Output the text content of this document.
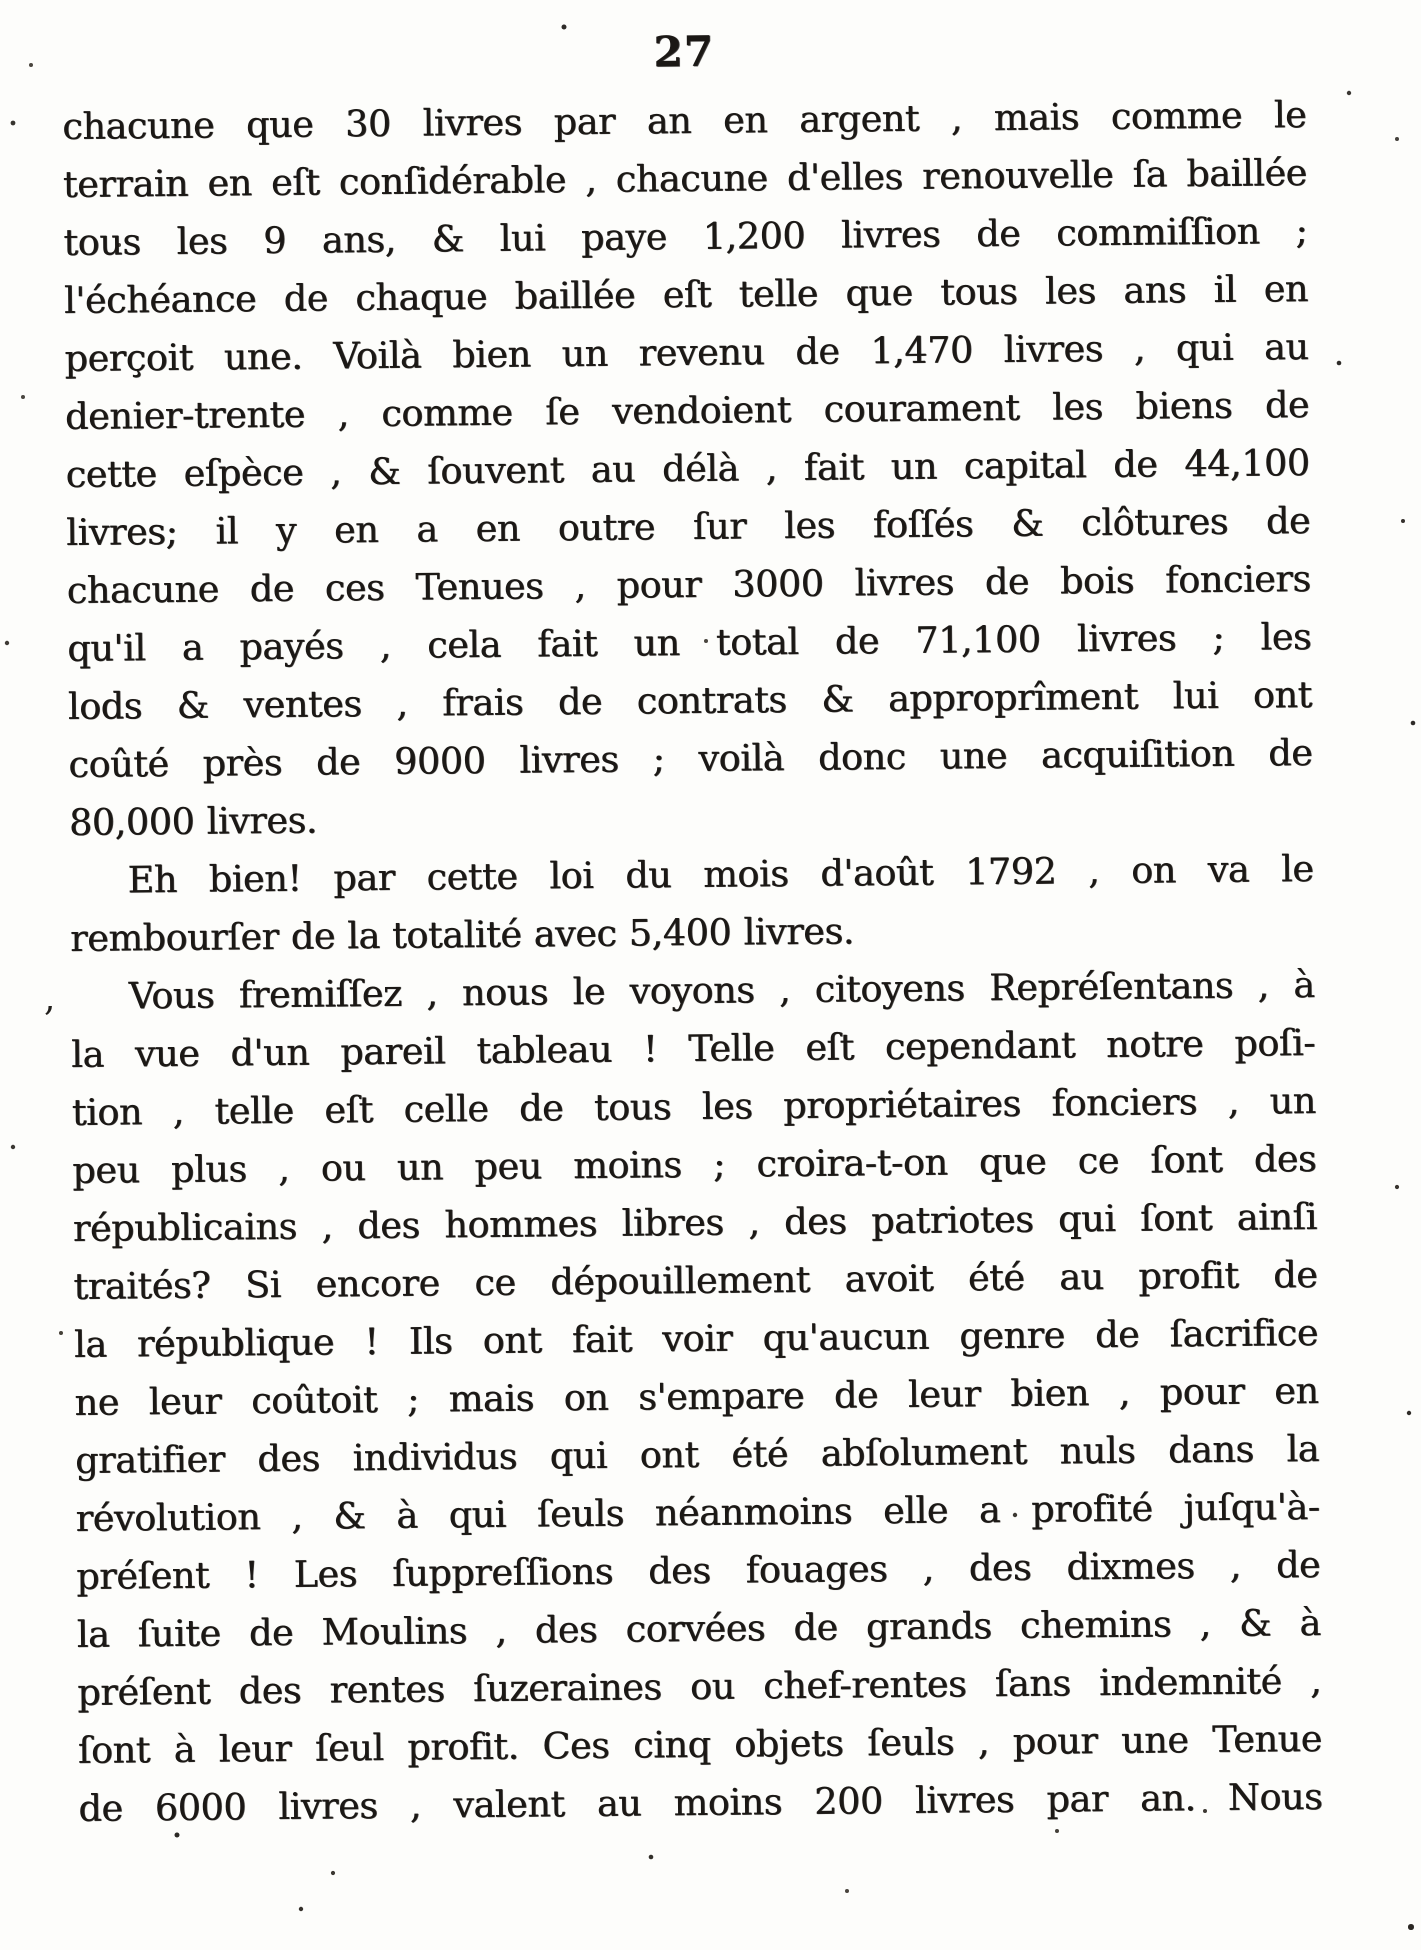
27
chacune que 30 livres par an en argent , mais comme le
terrain en eſt conſidérable , chacune d'elles renouvelle ſa baillée
tous les 9 ans, & lui paye 1,200 livres de commiſſion ;
l'échéance de chaque baillée eſt telle que tous les ans il en
perçoit une. Voilà bien un revenu de 1,470 livres , qui au
denier-trente , comme ſe vendoient courament les biens de
cette eſpèce , & ſouvent au délà , fait un capital de 44,100
livres; il y en a en outre ſur les foſſés & clôtures de
chacune de ces Tenues , pour 3000 livres de bois fonciers
qu'il a payés , cela fait un total de 71,100 livres ; les
lods & ventes , frais de contrats & approprîment lui ont
coûté près de 9000 livres ; voilà donc une acquiſition de
80,000 livres.
Eh bien! par cette loi du mois d'août 1792 , on va le
rembourſer de la totalité avec 5,400 livres.
Vous fremiſſez , nous le voyons , citoyens Repréſentans , à
la vue d'un pareil tableau ! Telle eſt cependant notre poſi-
tion , telle eſt celle de tous les propriétaires fonciers , un
peu plus , ou un peu moins ; croira-t-on que ce ſont des
républicains , des hommes libres , des patriotes qui ſont ainſi
traités? Si encore ce dépouillement avoit été au profit de
la république ! Ils ont fait voir qu'aucun genre de ſacrifice
ne leur coûtoit ; mais on s'empare de leur bien , pour en
gratifier des individus qui ont été abſolument nuls dans la
révolution , & à qui ſeuls néanmoins elle a profité juſqu'à-
préſent ! Les ſuppreſſions des fouages , des dixmes , de
la ſuite de Moulins , des corvées de grands chemins , & à
préſent des rentes ſuzeraines ou chef-rentes ſans indemnité ,
ſont à leur ſeul profit. Ces cinq objets ſeuls , pour une Tenue
de 6000 livres , valent au moins 200 livres par an. Nous
,
